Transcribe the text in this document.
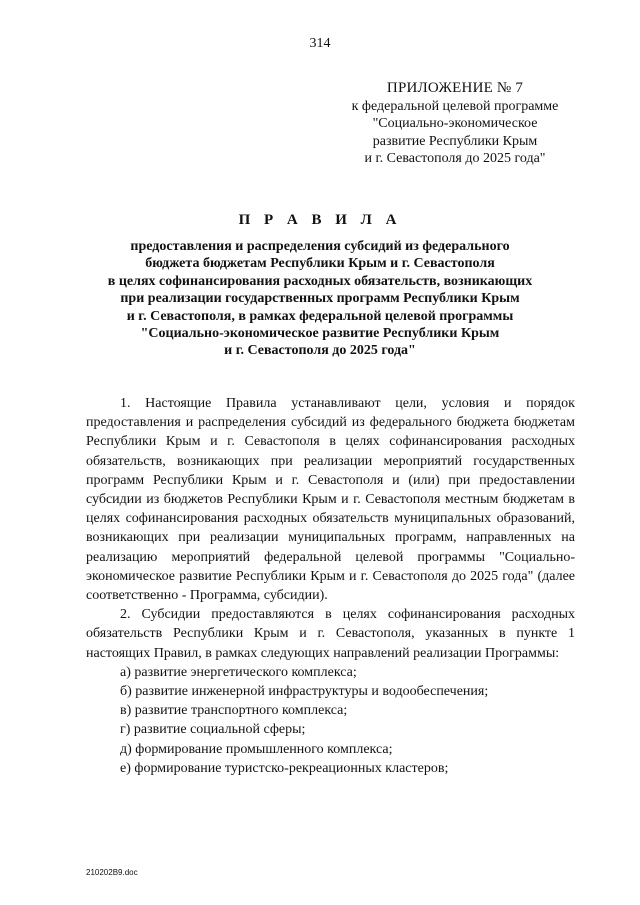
314
ПРИЛОЖЕНИЕ № 7
к федеральной целевой программе
"Социально-экономическое
развитие Республики Крым
и г. Севастополя до 2025 года"
П Р А В И Л А
предоставления и распределения субсидий из федерального
бюджета бюджетам Республики Крым и г. Севастополя
в целях софинансирования расходных обязательств, возникающих
при реализации государственных программ Республики Крым
и г. Севастополя, в рамках федеральной целевой программы
"Социально-экономическое развитие Республики Крым
и г. Севастополя до 2025 года"

1. Настоящие Правила устанавливают цели, условия и порядок предоставления и распределения субсидий из федерального бюджета бюджетам Республики Крым и г. Севастополя в целях софинансирования расходных обязательств, возникающих при реализации мероприятий государственных программ Республики Крым и г. Севастополя и (или) при предоставлении субсидии из бюджетов Республики Крым и г. Севастополя местным бюджетам в целях софинансирования расходных обязательств муниципальных образований, возникающих при реализации муниципальных программ, направленных на реализацию мероприятий федеральной целевой программы "Социально-экономическое развитие Республики Крым и г. Севастополя до 2025 года" (далее соответственно - Программа, субсидии).

2. Субсидии предоставляются в целях софинансирования расходных обязательств Республики Крым и г. Севастополя, указанных в пункте 1 настоящих Правил, в рамках следующих направлений реализации Программы:

а) развитие энергетического комплекса;
б) развитие инженерной инфраструктуры и водообеспечения;
в) развитие транспортного комплекса;
г) развитие социальной сферы;
д) формирование промышленного комплекса;
е) формирование туристско-рекреационных кластеров;
210202B9.doc
